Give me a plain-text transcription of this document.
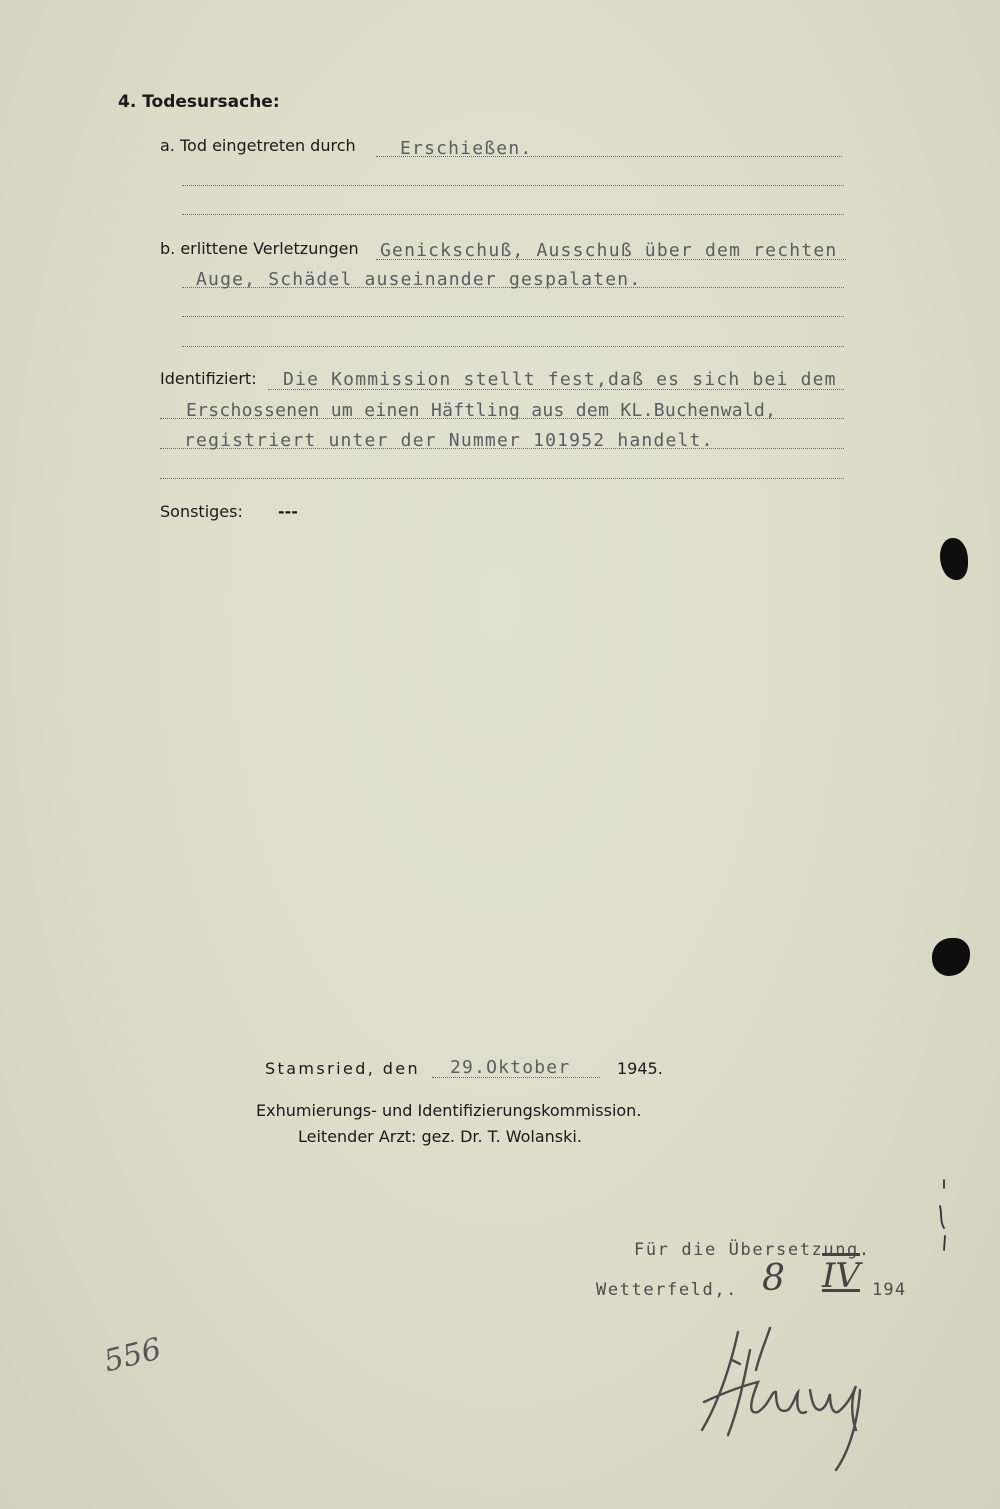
4. Todesursache:
a. Tod eingetreten durch Erschießen.
b. erlittene Verletzungen Genickschuß, Ausschuß über dem rechten
Auge, Schädel auseinander gespalaten.
Identifiziert: Die Kommission stellt fest,daß es sich bei dem
Erschossenen um einen Häftling aus dem KL.Buchenwald,
registriert unter der Nummer 101952 handelt.
Sonstiges: ---
Stamsried, den 29.Oktober	1945.
Exhumierungs- und Identifizierungskommission.
Leitender Arzt: gez. Dr. T. Wolanski.
Für die Übersetzung.
Wetterfeld,. 8 IV 194
556
